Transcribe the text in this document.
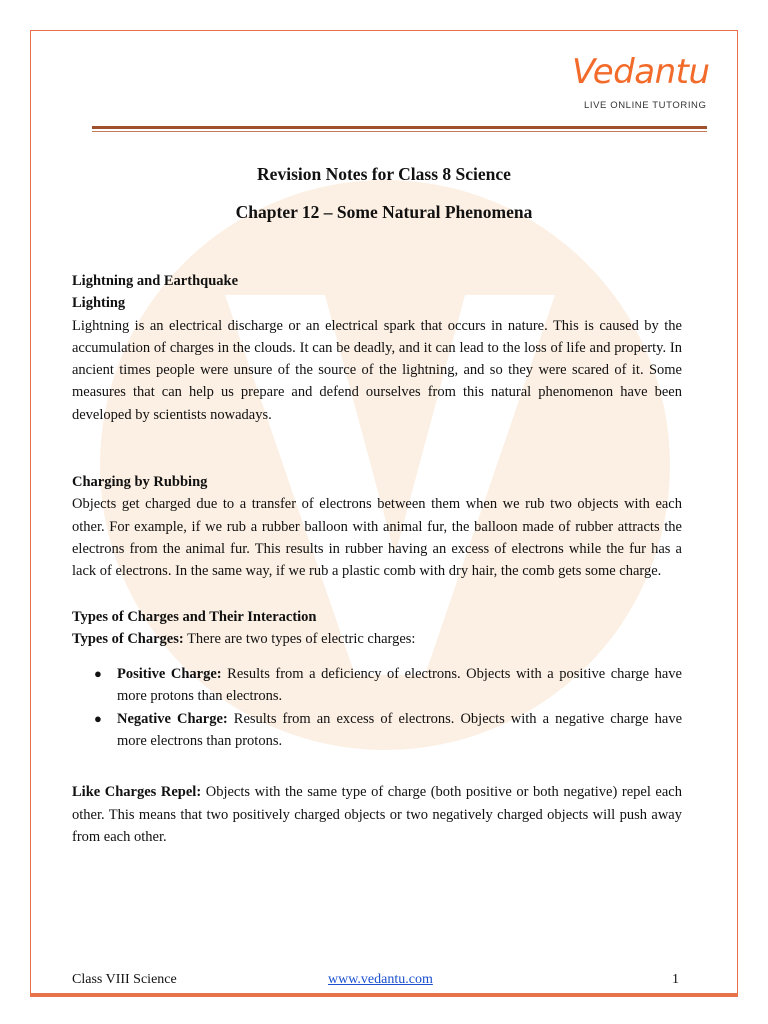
Vedantu
LIVE ONLINE TUTORING
Revision Notes for Class 8 Science
Chapter 12 – Some Natural Phenomena

Lightning and Earthquake

Lighting

Lightning is an electrical discharge or an electrical spark that occurs in nature. This is caused by the accumulation of charges in the clouds. It can be deadly, and it can lead to the loss of life and property. In ancient times people were unsure of the source of the lightning, and so they were scared of it. Some measures that can help us prepare and defend ourselves from this natural phenomenon have been developed by scientists nowadays.

Charging by Rubbing

Objects get charged due to a transfer of electrons between them when we rub two objects with each other. For example, if we rub a rubber balloon with animal fur, the balloon made of rubber attracts the electrons from the animal fur. This results in rubber having an excess of electrons while the fur has a lack of electrons. In the same way, if we rub a plastic comb with dry hair, the comb gets some charge.

Types of Charges and Their Interaction

Types of Charges: There are two types of electric charges:

● Positive Charge: Results from a deficiency of electrons. Objects with a positive charge have more protons than electrons.
● Negative Charge: Results from an excess of electrons. Objects with a negative charge have more electrons than protons.

Like Charges Repel: Objects with the same type of charge (both positive or both negative) repel each other. This means that two positively charged objects or two negatively charged objects will push away from each other.

Class VIII Science	www.vedantu.com	1
